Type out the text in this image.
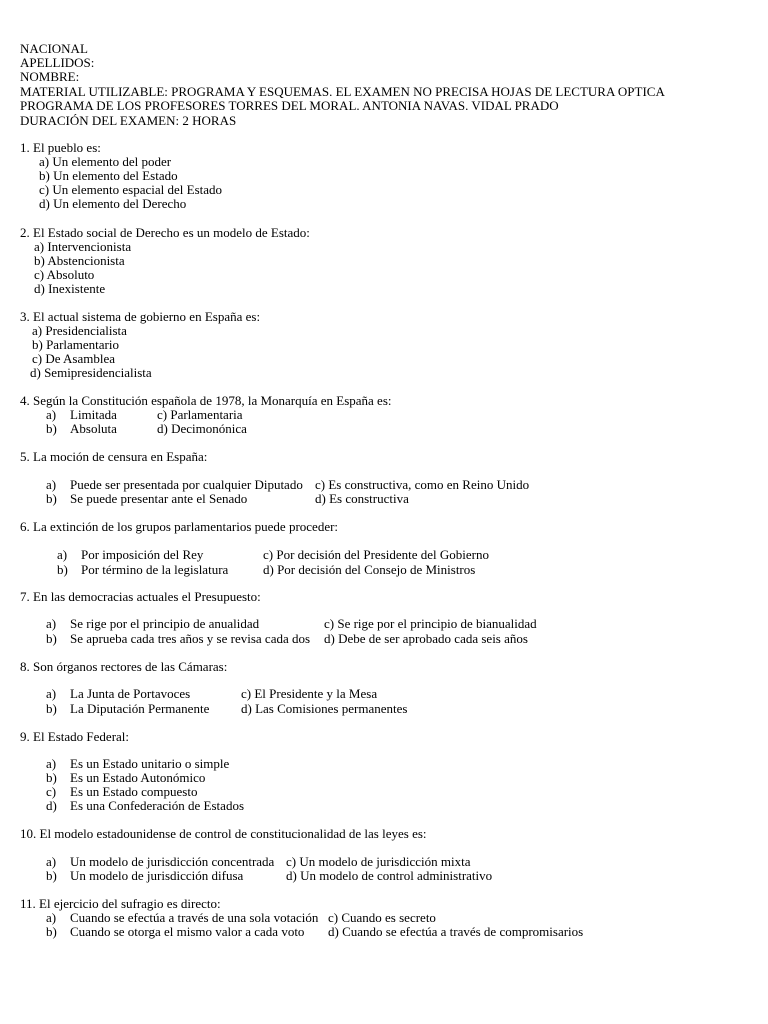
NACIONAL
APELLIDOS:
NOMBRE:
MATERIAL UTILIZABLE: PROGRAMA Y ESQUEMAS. EL EXAMEN NO PRECISA HOJAS DE LECTURA OPTICA
PROGRAMA DE LOS PROFESORES TORRES DEL MORAL. ANTONIA NAVAS. VIDAL PRADO
DURACIÓN DEL EXAMEN: 2 HORAS
1. El pueblo es:
a) Un elemento del poder
b) Un elemento del Estado
c) Un elemento espacial del Estado
d) Un elemento del Derecho
2. El Estado social de Derecho es un modelo de Estado:
a) Intervencionista
b) Abstencionista
c) Absoluto
d) Inexistente
3. El actual sistema de gobierno en España es:
a) Presidencialista
b) Parlamentario
c) De Asamblea
d) Semipresidencialista
4. Según la Constitución española de 1978, la Monarquía en España es:
a) Limitada	c) Parlamentaria
b) Absoluta	d) Decimonónica
5. La moción de censura en España:
a) Puede ser presentada por cualquier Diputado c) Es constructiva, como en Reino Unido
b) Se puede presentar ante el Senado	d) Es constructiva
6. La extinción de los grupos parlamentarios puede proceder:
a) Por imposición del Rey	c) Por decisión del Presidente del Gobierno
b) Por término de la legislatura	d) Por decisión del Consejo de Ministros
7. En las democracias actuales el Presupuesto:
a) Se rige por el principio de anualidad	c) Se rige por el principio de bianualidad
b) Se aprueba cada tres años y se revisa cada dos d) Debe de ser aprobado cada seis años
8. Son órganos rectores de las Cámaras:
a) La Junta de Portavoces	c) El Presidente y la Mesa
b) La Diputación Permanente d) Las Comisiones permanentes
9. El Estado Federal:
a) Es un Estado unitario o simple
b) Es un Estado Autonómico
c) Es un Estado compuesto
d) Es una Confederación de Estados
10. El modelo estadounidense de control de constitucionalidad de las leyes es:
a) Un modelo de jurisdicción concentrada c) Un modelo de jurisdicción mixta
b) Un modelo de jurisdicción difusa	d) Un modelo de control administrativo
11. El ejercicio del sufragio es directo:
a) Cuando se efectúa a través de una sola votación c) Cuando es secreto
b) Cuando se otorga el mismo valor a cada voto d) Cuando se efectúa a través de compromisarios
